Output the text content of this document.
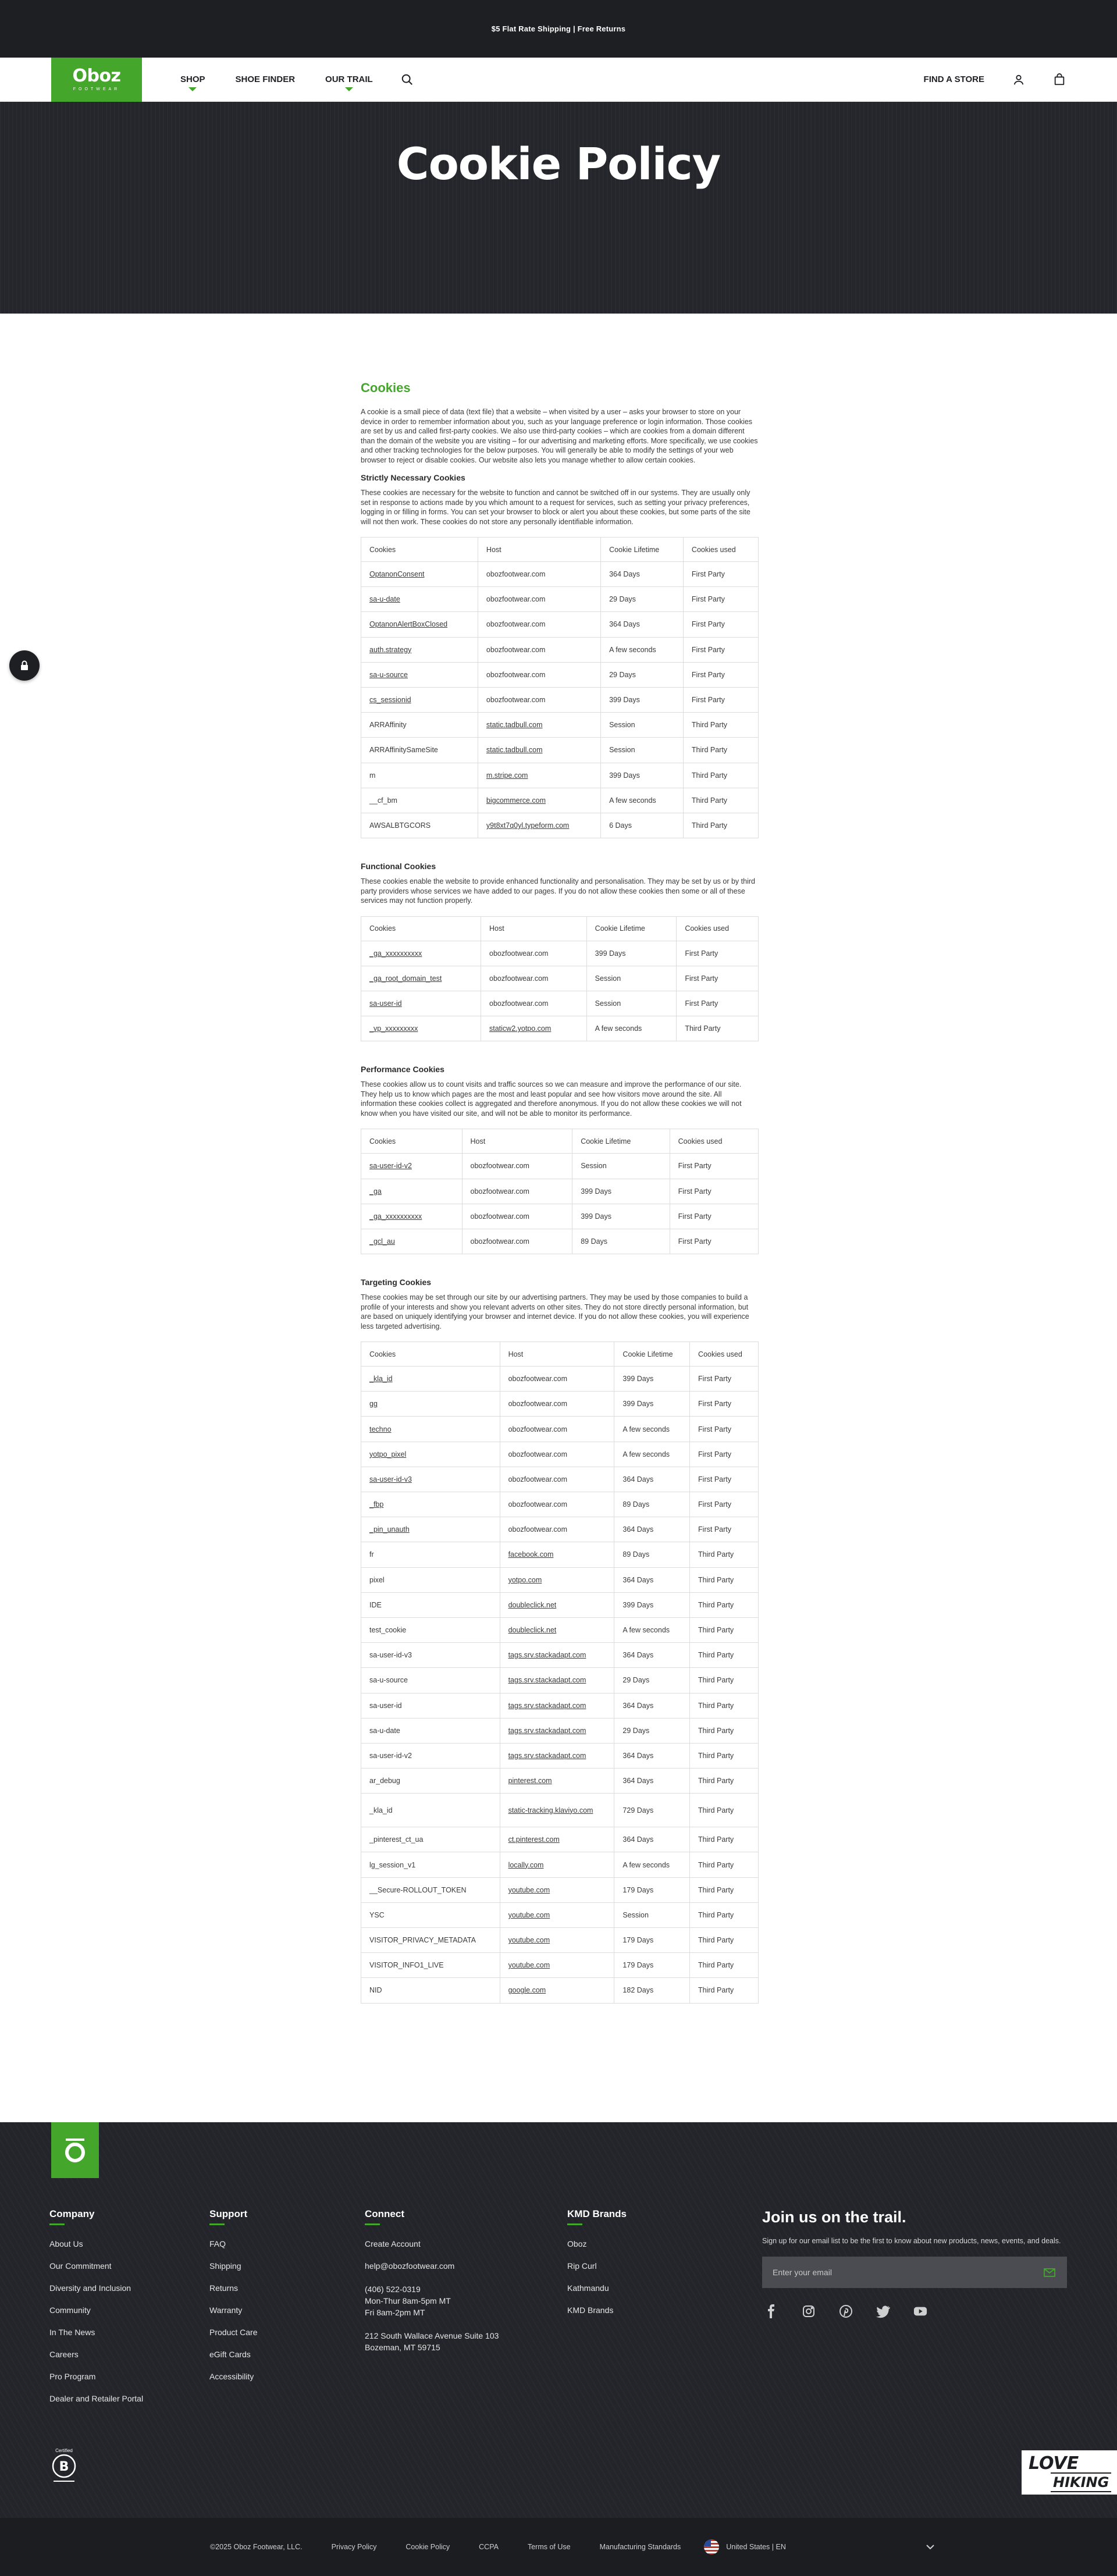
$5 Flat Rate Shipping | Free Returns
Oboz
FOOTWEAR
SHOP	SHOE FINDER	OUR TRAIL	FIND A STORE
Cookie Policy
Cookies

A cookie is a small piece of data (text file) that a website – when visited by a user – asks your browser to store on your device in order to remember information about you, such as your language preference or login information. Those cookies are set by us and called first-party cookies. We also use third-party cookies – which are cookies from a domain different than the domain of the website you are visiting – for our advertising and marketing efforts. More specifically, we use cookies and other tracking technologies for the below purposes. You will generally be able to modify the settings of your web browser to reject or disable cookies. Our website also lets you manage whether to allow certain cookies.

Strictly Necessary Cookies

These cookies are necessary for the website to function and cannot be switched off in our systems. They are usually only set in response to actions made by you which amount to a request for services, such as setting your privacy preferences, logging in or filling in forms. You can set your browser to block or alert you about these cookies, but some parts of the site will not then work. These cookies do not store any personally identifiable information.

Cookies	Host	Cookie Lifetime	Cookies used
OptanonConsent	obozfootwear.com	364 Days	First Party
sa-u-date	obozfootwear.com	29 Days	First Party
OptanonAlertBoxClosed	obozfootwear.com	364 Days	First Party
auth.strategy	obozfootwear.com	A few seconds	First Party
sa-u-source	obozfootwear.com	29 Days	First Party
cs_sessionid	obozfootwear.com	399 Days	First Party
ARRAffinity	static.tadbull.com	Session	Third Party
ARRAffinitySameSite	static.tadbull.com	Session	Third Party
m	m.stripe.com	399 Days	Third Party
__cf_bm	bigcommerce.com	A few seconds	Third Party
AWSALBTGCORS	y9t8xt7q0yl.typeform.com	6 Days	Third Party
Functional Cookies

These cookies enable the website to provide enhanced functionality and personalisation. They may be set by us or by third party providers whose services we have added to our pages. If you do not allow these cookies then some or all of these services may not function properly.

Cookies	Host	Cookie Lifetime	Cookies used
_ga_xxxxxxxxxx	obozfootwear.com	399 Days	First Party
_ga_root_domain_test	obozfootwear.com	Session	First Party
sa-user-id	obozfootwear.com	Session	First Party
_vp_xxxxxxxxx	staticw2.yotpo.com	A few seconds	Third Party
Performance Cookies

These cookies allow us to count visits and traffic sources so we can measure and improve the performance of our site. They help us to know which pages are the most and least popular and see how visitors move around the site. All information these cookies collect is aggregated and therefore anonymous. If you do not allow these cookies we will not know when you have visited our site, and will not be able to monitor its performance.

Cookies	Host	Cookie Lifetime	Cookies used
sa-user-id-v2	obozfootwear.com	Session	First Party
_ga	obozfootwear.com	399 Days	First Party
_ga_xxxxxxxxxx	obozfootwear.com	399 Days	First Party
_gcl_au	obozfootwear.com	89 Days	First Party
Targeting Cookies

These cookies may be set through our site by our advertising partners. They may be used by those companies to build a profile of your interests and show you relevant adverts on other sites. They do not store directly personal information, but are based on uniquely identifying your browser and internet device. If you do not allow these cookies, you will experience less targeted advertising.

Cookies	Host	Cookie Lifetime	Cookies used
_kla_id	obozfootwear.com	399 Days	First Party
gg	obozfootwear.com	399 Days	First Party
techno	obozfootwear.com	A few seconds	First Party
yotpo_pixel	obozfootwear.com	A few seconds	First Party
sa-user-id-v3	obozfootwear.com	364 Days	First Party
_fbp	obozfootwear.com	89 Days	First Party
_pin_unauth	obozfootwear.com	364 Days	First Party
fr	facebook.com	89 Days	Third Party
pixel	yotpo.com	364 Days	Third Party
IDE	doubleclick.net	399 Days	Third Party
test_cookie	doubleclick.net	A few seconds	Third Party
sa-user-id-v3	tags.srv.stackadapt.com	364 Days	Third Party
sa-u-source	tags.srv.stackadapt.com	29 Days	Third Party
sa-user-id	tags.srv.stackadapt.com	364 Days	Third Party
sa-u-date	tags.srv.stackadapt.com	29 Days	Third Party
sa-user-id-v2	tags.srv.stackadapt.com	364 Days	Third Party
ar_debug	pinterest.com	364 Days	Third Party
_kla_id	static-tracking.klaviyo.com	729 Days	Third Party
_pinterest_ct_ua	ct.pinterest.com	364 Days	Third Party
lg_session_v1	locally.com	A few seconds	Third Party
__Secure-ROLLOUT_TOKEN	youtube.com	179 Days	Third Party
YSC	youtube.com	Session	Third Party
VISITOR_PRIVACY_METADATA	youtube.com	179 Days	Third Party
VISITOR_INFO1_LIVE	youtube.com	179 Days	Third Party
NID	google.com	182 Days	Third Party
Company
About Us
Our Commitment
Diversity and Inclusion
Community
In The News
Careers
Pro Program
Dealer and Retailer Portal
Support
FAQ
Shipping
Returns
Warranty
Product Care
eGift Cards
Accessibility
Connect
Create Account
help@obozfootwear.com
(406) 522-0319
Mon-Thur 8am-5pm MT
Fri 8am-2pm MT
212 South Wallace Avenue Suite 103
Bozeman, MT 59715
KMD Brands
Oboz
Rip Curl
Kathmandu
KMD Brands
Join us on the trail.

Sign up for our email list to be the first to know about new products, news, events, and deals.

Enter your email
Certified
B	LOVE
HIKING
©2025 Oboz Footwear, LLC.	Privacy Policy	Cookie Policy	CCPA	Terms of Use	Manufacturing Standards	United States | EN
